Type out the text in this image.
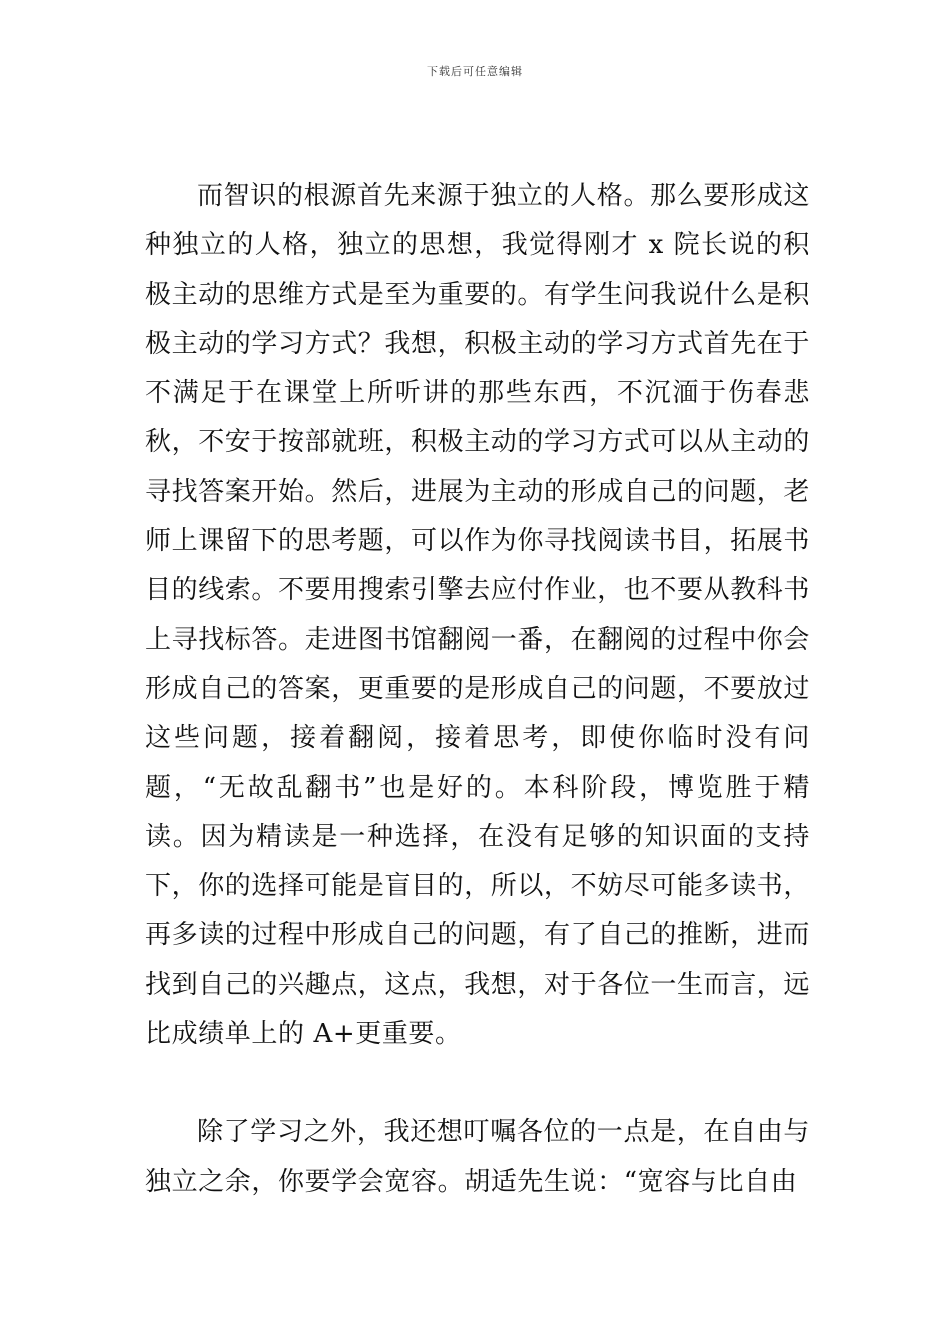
下载后可任意编辑

而智识的根源首先来源于独立的人格。那么要形成这种独立的人格，独立的思想，我觉得刚才 x 院长说的积极主动的思维方式是至为重要的。有学生问我说什么是积极主动的学习方式？我想，积极主动的学习方式首先在于不满足于在课堂上所听讲的那些东西，不沉湎于伤春悲秋，不安于按部就班，积极主动的学习方式可以从主动的寻找答案开始。然后，进展为主动的形成自己的问题，老师上课留下的思考题，可以作为你寻找阅读书目，拓展书目的线索。不要用搜索引擎去应付作业，也不要从教科书上寻找标答。走进图书馆翻阅一番，在翻阅的过程中你会形成自己的答案，更重要的是形成自己的问题，不要放过这些问题，接着翻阅，接着思考，即使你临时没有问题，“无故乱翻书”也是好的。本科阶段，博览胜于精读。因为精读是一种选择，在没有足够的知识面的支持下，你的选择可能是盲目的，所以，不妨尽可能多读书，再多读的过程中形成自己的问题，有了自己的推断，进而找到自己的兴趣点，这点，我想，对于各位一生而言，远比成绩单上的 A+更重要。

除了学习之外，我还想叮嘱各位的一点是，在自由与独立之余，你要学会宽容。胡适先生说：“宽容与比自由
